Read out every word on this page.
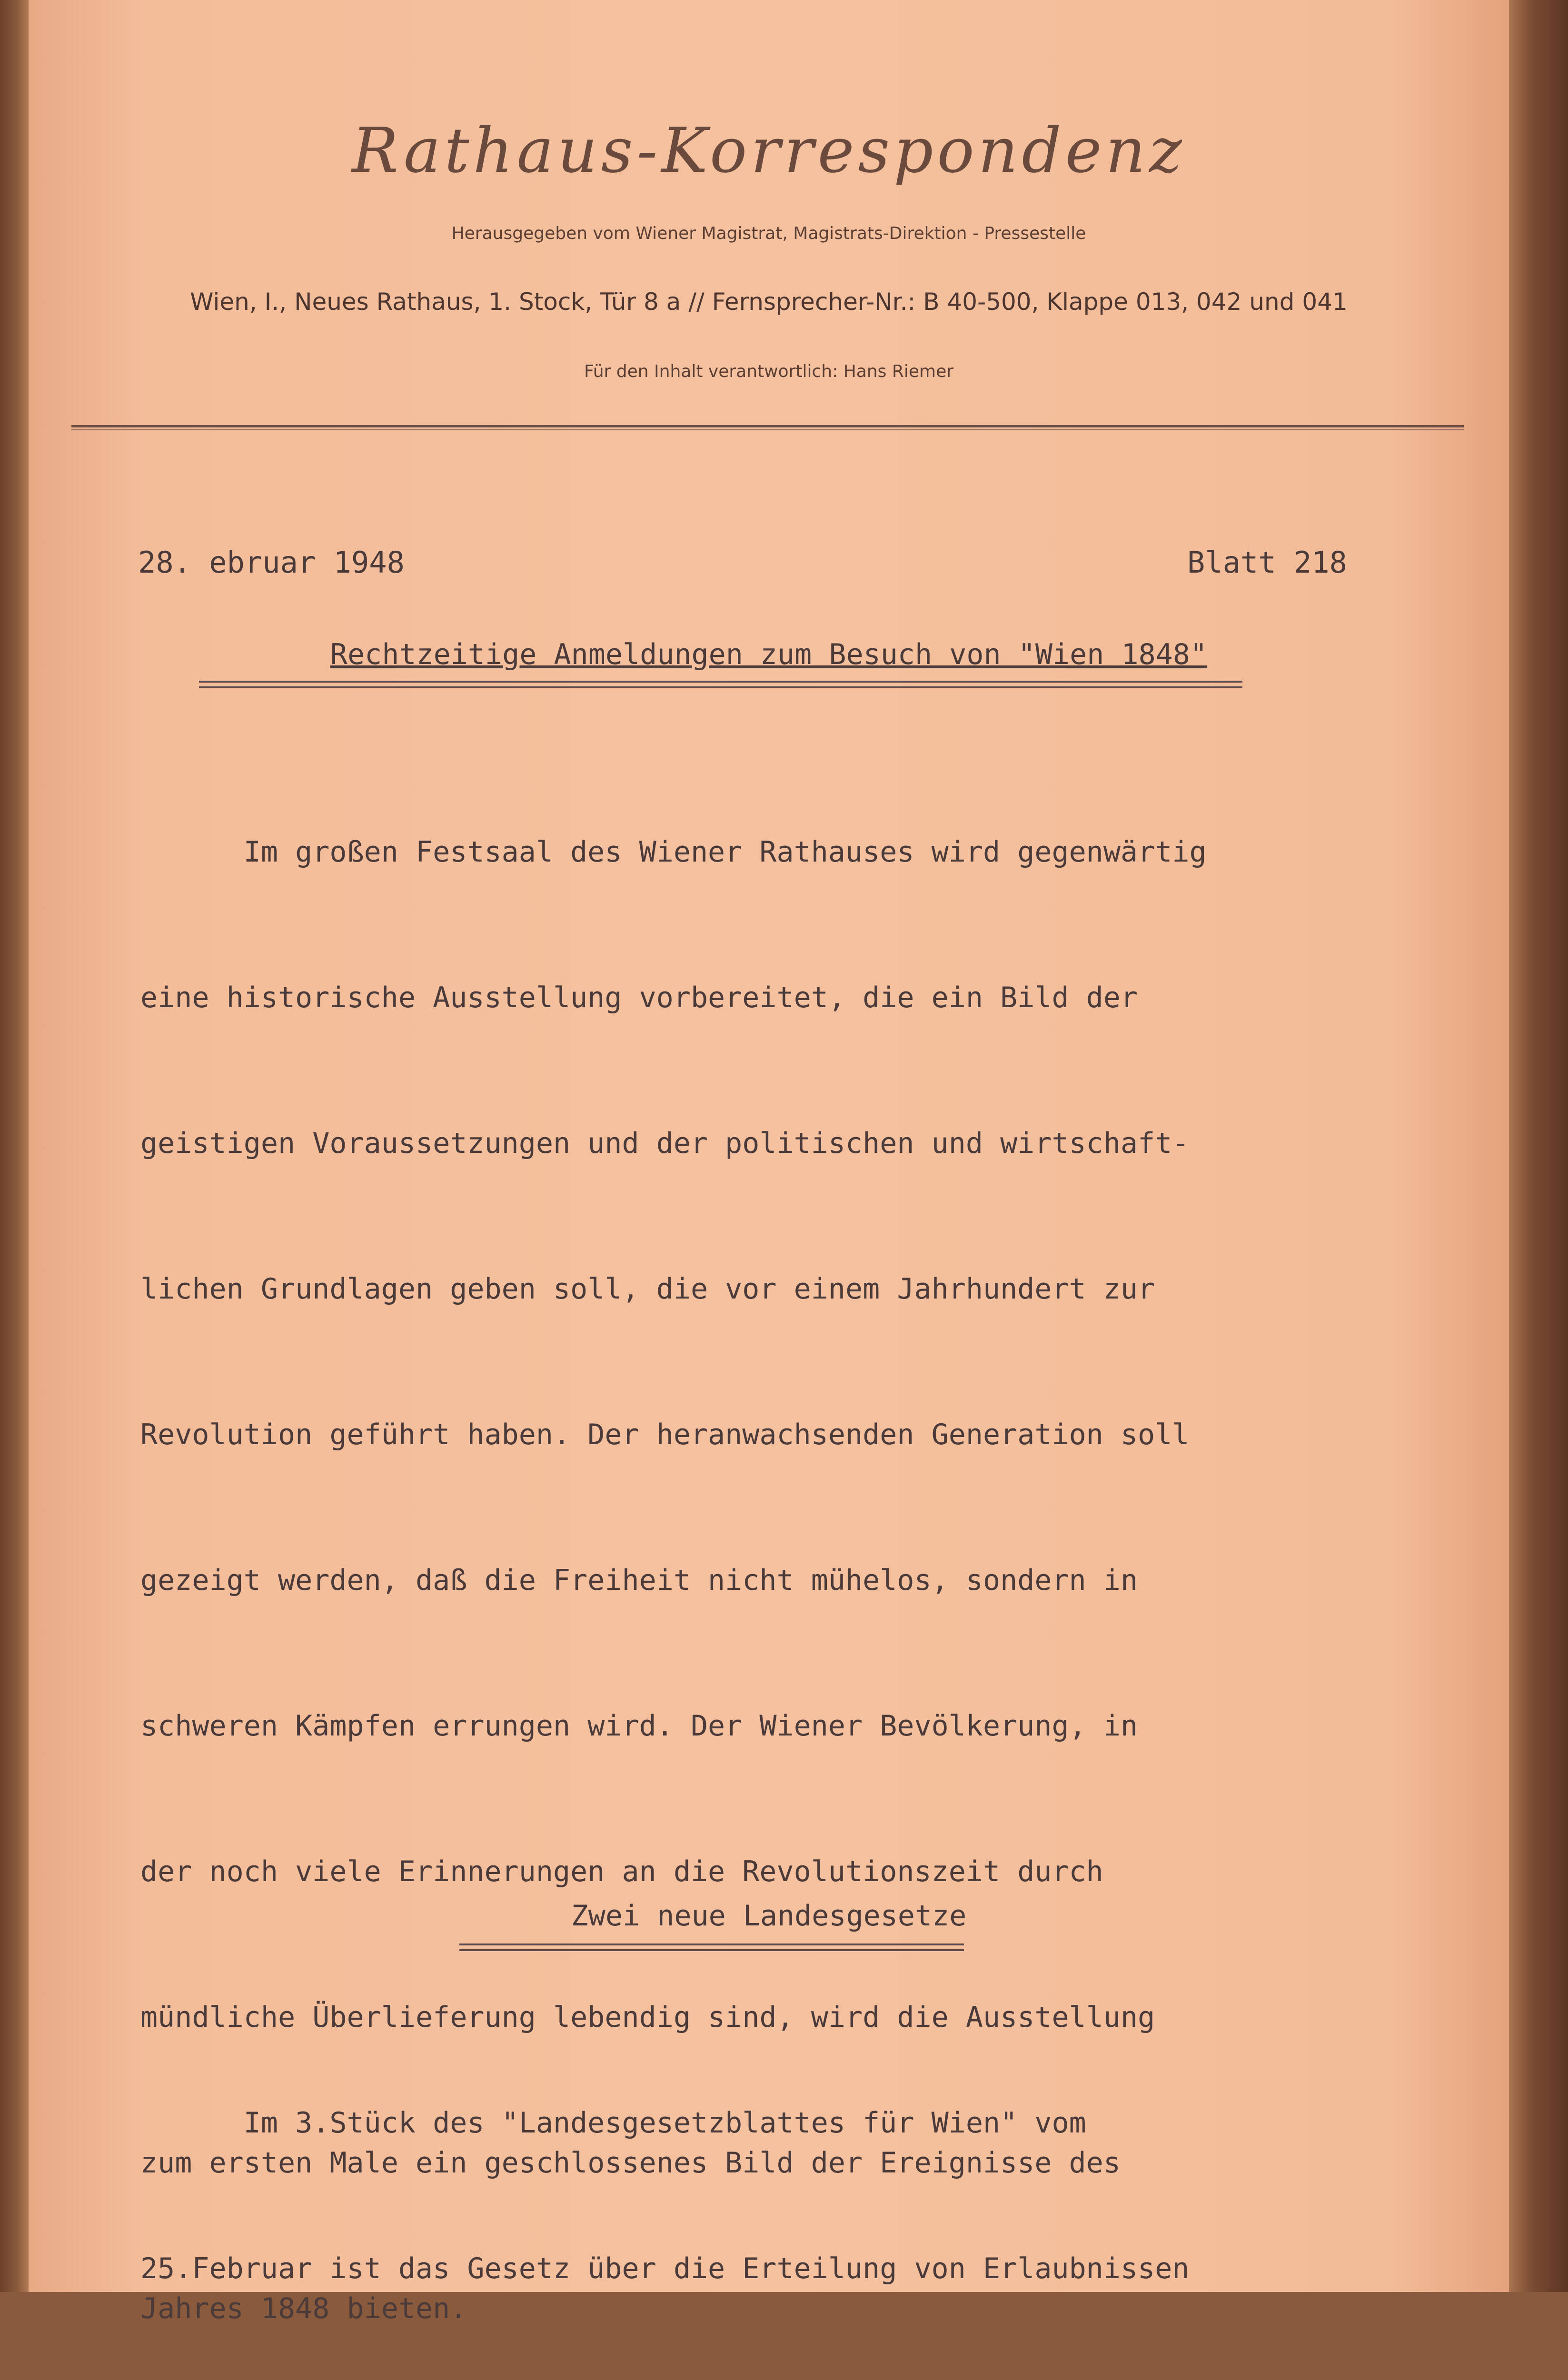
Rathaus-Korrespondenz
Herausgegeben vom Wiener Magistrat, Magistrats-Direktion - Pressestelle
Wien, I., Neues Rathaus, 1. Stock, Tür 8 a // Fernsprecher-Nr.: B 40-500, Klappe 013, 042 und 041
Für den Inhalt verantwortlich: Hans Riemer
28. ebruar 1948	Blatt 218
Rechtzeitige Anmeldungen zum Besuch von "Wien 1848"

Im großen Festsaal des Wiener Rathauses wird gegenwärtig

eine historische Ausstellung vorbereitet, die ein Bild der

geistigen Voraussetzungen und der politischen und wirtschaft-

lichen Grundlagen geben soll, die vor einem Jahrhundert zur

Revolution geführt haben. Der heranwachsenden Generation soll

gezeigt werden, daß die Freiheit nicht mühelos, sondern in

schweren Kämpfen errungen wird. Der Wiener Bevölkerung, in

der noch viele Erinnerungen an die Revolutionszeit durch

mündliche Überlieferung lebendig sind, wird die Ausstellung

zum ersten Male ein geschlossenes Bild der Ereignisse des

Jahres 1848 bieten.

Zwei neue Landesgesetze

Im 3.Stück des "Landesgesetzblattes für Wien" vom

25.Februar ist das Gesetz über die Erteilung von Erlaubnissen
